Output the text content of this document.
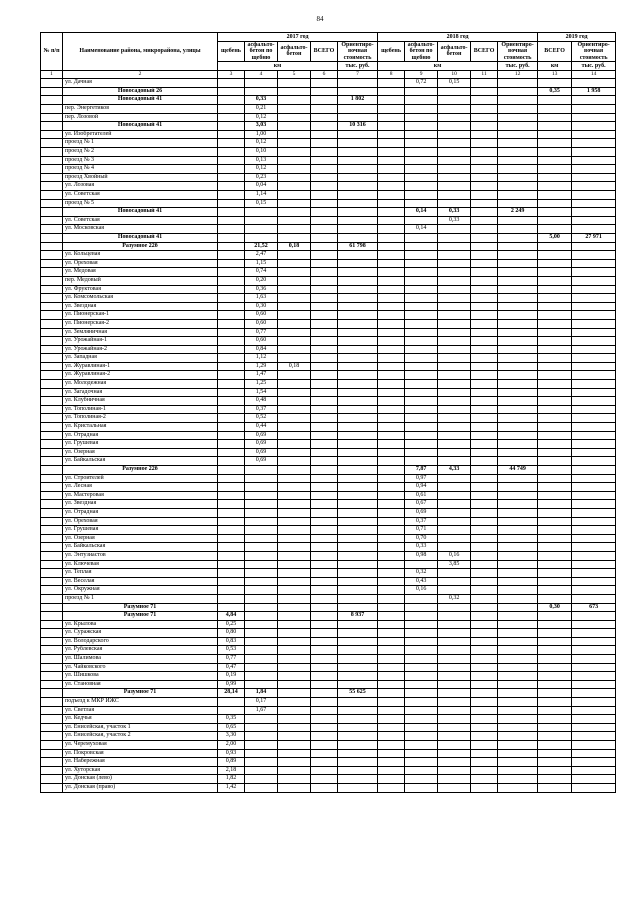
84
№ п/п	Наименование района, микрорайона, улицы	2017 год					2018 год					2019 год	
		щебень	асфальто-бетон по щебню	асфальто-бетон	ВСЕГО	Ориентиро-вочная стоимость	щебень	асфальто-бетон по щебню	асфальто-бетон	ВСЕГО	Ориентиро-вочная стоимость	ВСЕГО	Ориентиро-вочная стоимость
		км				тыс. руб.	км				тыс. руб.	км	тыс. руб.
1	2	3	4	5	6	7	8	9	10	11	12	13	14
	ул. Дачная							0,72	0,15				
	Новосадовый 26											0,35	1 958
	Новосадовый 41		0,33			1 802							
	пер. Энергетиков		0,21										
	пер. Лозовой		0,12										
	Новосадовый 41		3,03			10 316							
	ул. Изобретателей		1,00										
	проезд № 1		0,12										
	проезд № 2		0,10										
	проезд № 3		0,13										
	проезд № 4		0,12										
	проезд Хвойный		0,23										
	ул. Лозовая		0,04										
	ул. Советская		1,14										
	проезд № 5		0,15										
	Новосадовый 41							0,14	0,33		2 249		
	ул. Советская								0,33				
	ул. Московская							0,14					
	Новосадовый 41											5,00	27 971
	Разумное 22б		21,52	0,18		61 798							
	ул. Кольцевая		2,47										
	ул. Ореховая		1,15										
	ул. Медовая		0,74										
	пер. Медовый		0,20										
	ул. Фруктовая		0,36										
	ул. Комсомольская		1,63										
	ул. Звездная		0,30										
	ул. Пионерская-1		0,60										
	ул. Пионерская-2		0,60										
	ул. Земляничная		0,77										
	ул. Урожайная-1		0,60										
	ул. Урожайная-2		0,84										
	ул. Западная		1,12										
	ул. Журавлиная-1		1,29	0,18									
	ул. Журавлиная-2		1,47										
	ул. Молодежная		1,25										
	ул. Загадочная		1,54										
	ул. Клубничная		0,48										
	ул. Тополиная-1		0,37										
	ул. Тополиная-2		0,52										
	ул. Кристальная		0,44										
	ул. Отрадная		0,69										
	ул. Грушевая		0,69										
	ул. Озерная		0,69										
	ул. Байкальская		0,69										
	Разумное 22б							7,87	4,33		44 749		
	ул. Строителей							0,97					
	ул. Лесная							0,94					
	ул. Мастеровая							0,61					
	ул. Звездная							0,67					
	ул. Отрадная							0,69					
	ул. Ореховая							0,37					
	ул. Грушевая							0,71					
	ул. Озерная							0,70					
	ул. Байкальская							0,33					
	ул. Энтузиастов							0,98	0,16				
	ул. Ключевая								3,85				
	ул. Теплая							0,32					
	ул. Веселая							0,43					
	ул. Окружная							0,16					
	проезд № 1								0,32				
	Разумное 71											0,30	673
	Разумное 71	4,84				8 937							
	ул. Крылова	0,25											
	ул. Суражская	0,80											
	ул. Володарского	0,83											
	ул. Рублевская	0,53											
	ул. Шалимова	0,77											
	ул. Чайковского	0,47											
	ул. Шишкова	0,19											
	ул. Становная	0,99											
	Разумное 71	28,14	1,84			55 625							
	подъезд к МКР ИЖС		0,17										
	ул. Светлая		1,67										
	ул. Кедчья	0,35											
	ул. Енисейская, участок 1	0,65											
	ул. Енисейская, участок 2	3,30											
	ул. Черемуховая	2,00											
	ул. Покровская	0,93											
	ул. Набережная	0,89											
	ул. Хуторская	2,18											
	ул. Донская (лево)	1,82											
	ул. Донская (право)	1,42											
